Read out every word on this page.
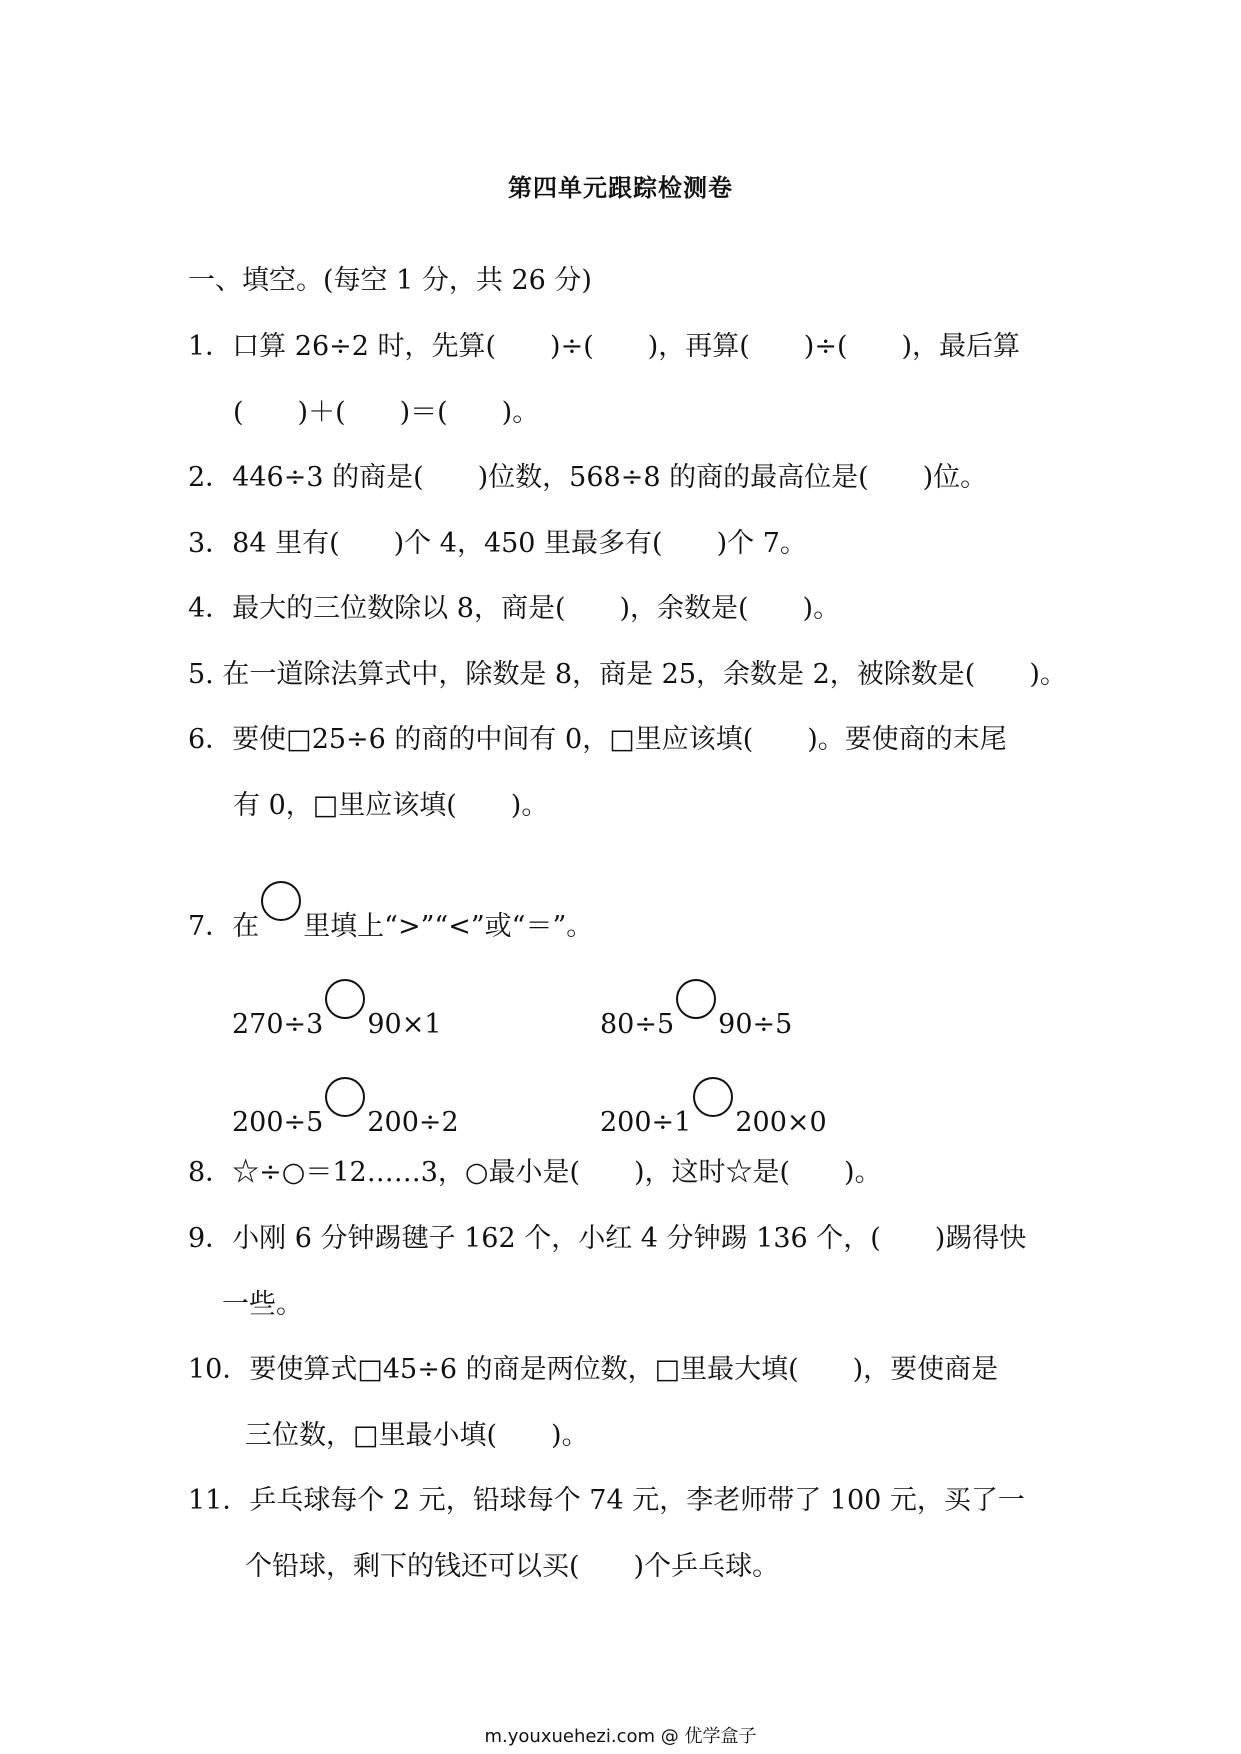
第四单元跟踪检测卷
一、填空。(每空 1 分，共 26 分)
1．口算 26÷2 时，先算(　　)÷(　　)，再算(　　)÷(　　)，最后算
(　　)＋(　　)＝(　　)。
2．446÷3 的商是(　　)位数，568÷8 的商的最高位是(　　)位。
3．84 里有(　　)个 4，450 里最多有(　　)个 7。
4．最大的三位数除以 8，商是(　　)，余数是(　　)。
5. 在一道除法算式中，除数是 8，商是 25，余数是 2，被除数是(　　)。
6．要使□25÷6 的商的中间有 0，□里应该填(　　)。要使商的末尾
有 0，□里应该填(　　)。
7．在 里填上“>”“<”或“＝”。
270÷3 90×1	80÷5 90÷5
200÷5 200÷2	200÷1 200×0
8．☆÷○＝12……3，○最小是(　　)，这时☆是(　　)。
9．小刚 6 分钟踢毽子 162 个，小红 4 分钟踢 136 个，(　　)踢得快
一些。
10．要使算式□45÷6 的商是两位数，□里最大填(　　)，要使商是
三位数，□里最小填(　　)。
11．乒乓球每个 2 元，铅球每个 74 元，李老师带了 100 元，买了一
个铅球，剩下的钱还可以买(　　)个乒乓球。
m.youxuehezi.com @ 优学盒子
